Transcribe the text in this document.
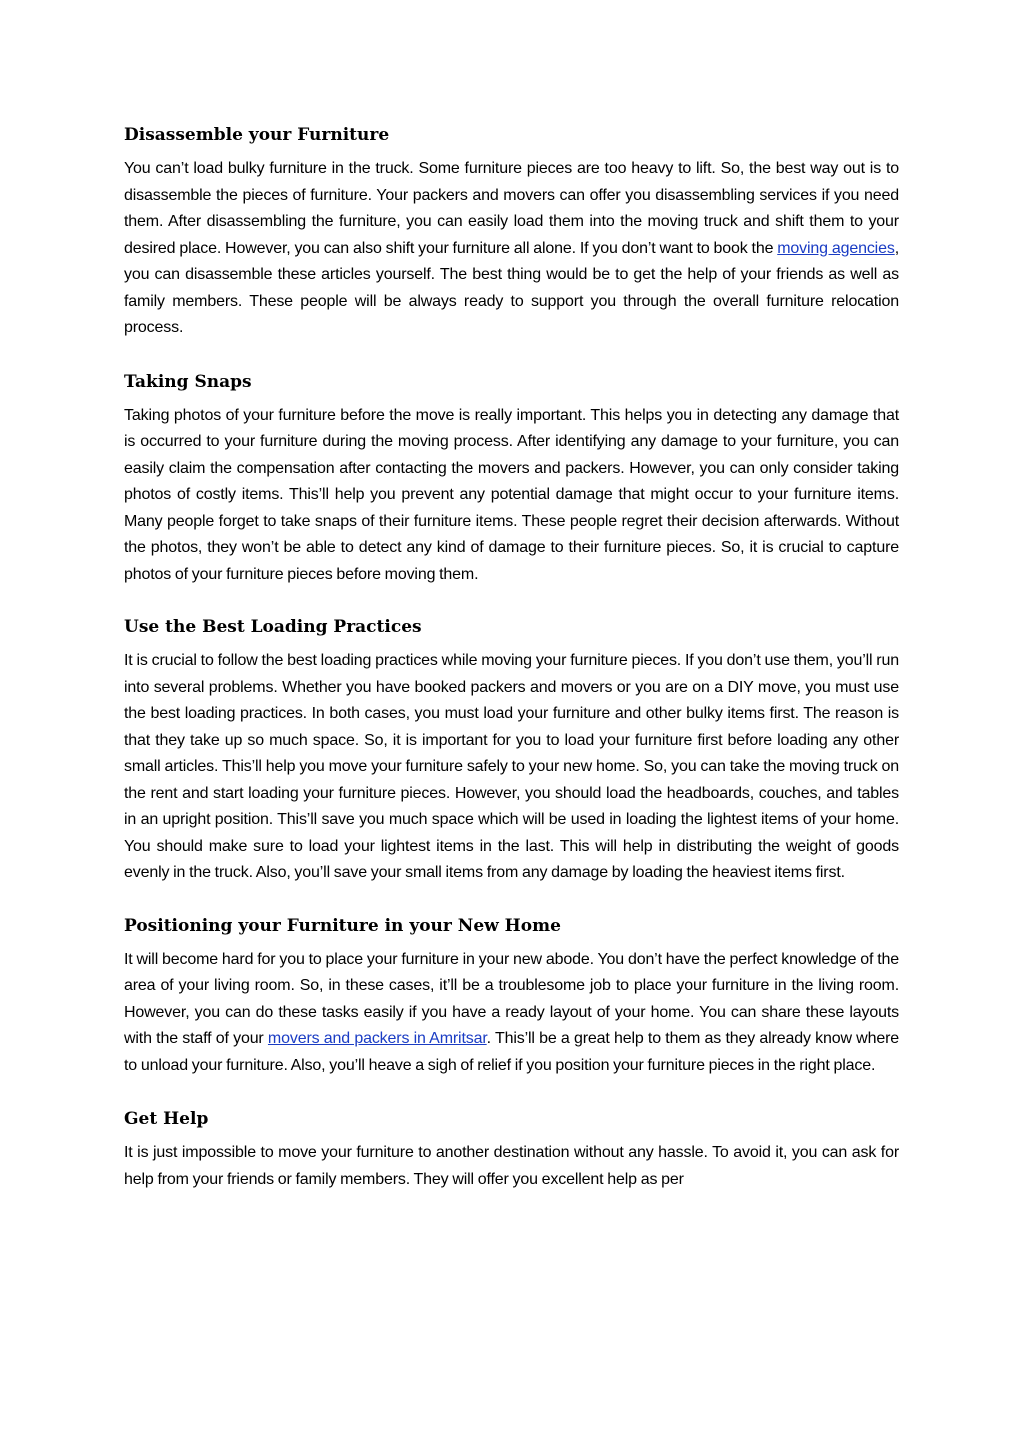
Disassemble your Furniture

You can’t load bulky furniture in the truck. Some furniture pieces are too heavy to lift. So, the best way out is to disassemble the pieces of furniture. Your packers and movers can offer you disassembling services if you need them. After disassembling the furniture, you can easily load them into the moving truck and shift them to your desired place. However, you can also shift your furniture all alone. If you don’t want to book the moving agencies, you can disassemble these articles yourself. The best thing would be to get the help of your friends as well as family members. These people will be always ready to support you through the overall furniture relocation process.

Taking Snaps

Taking photos of your furniture before the move is really important. This helps you in detecting any damage that is occurred to your furniture during the moving process. After identifying any damage to your furniture, you can easily claim the compensation after contacting the movers and packers. However, you can only consider taking photos of costly items. This’ll help you prevent any potential damage that might occur to your furniture items. Many people forget to take snaps of their furniture items. These people regret their decision afterwards. Without the photos, they won’t be able to detect any kind of damage to their furniture pieces. So, it is crucial to capture photos of your furniture pieces before moving them.

Use the Best Loading Practices

It is crucial to follow the best loading practices while moving your furniture pieces. If you don’t use them, you’ll run into several problems. Whether you have booked packers and movers or you are on a DIY move, you must use the best loading practices. In both cases, you must load your furniture and other bulky items first. The reason is that they take up so much space. So, it is important for you to load your furniture first before loading any other small articles. This’ll help you move your furniture safely to your new home. So, you can take the moving truck on the rent and start loading your furniture pieces. However, you should load the headboards, couches, and tables in an upright position. This’ll save you much space which will be used in loading the lightest items of your home. You should make sure to load your lightest items in the last. This will help in distributing the weight of goods evenly in the truck. Also, you’ll save your small items from any damage by loading the heaviest items first.

Positioning your Furniture in your New Home

It will become hard for you to place your furniture in your new abode. You don’t have the perfect knowledge of the area of your living room. So, in these cases, it’ll be a troublesome job to place your furniture in the living room. However, you can do these tasks easily if you have a ready layout of your home. You can share these layouts with the staff of your movers and packers in Amritsar. This’ll be a great help to them as they already know where to unload your furniture. Also, you’ll heave a sigh of relief if you position your furniture pieces in the right place.

Get Help

It is just impossible to move your furniture to another destination without any hassle. To avoid it, you can ask for help from your friends or family members. They will offer you excellent help as per
